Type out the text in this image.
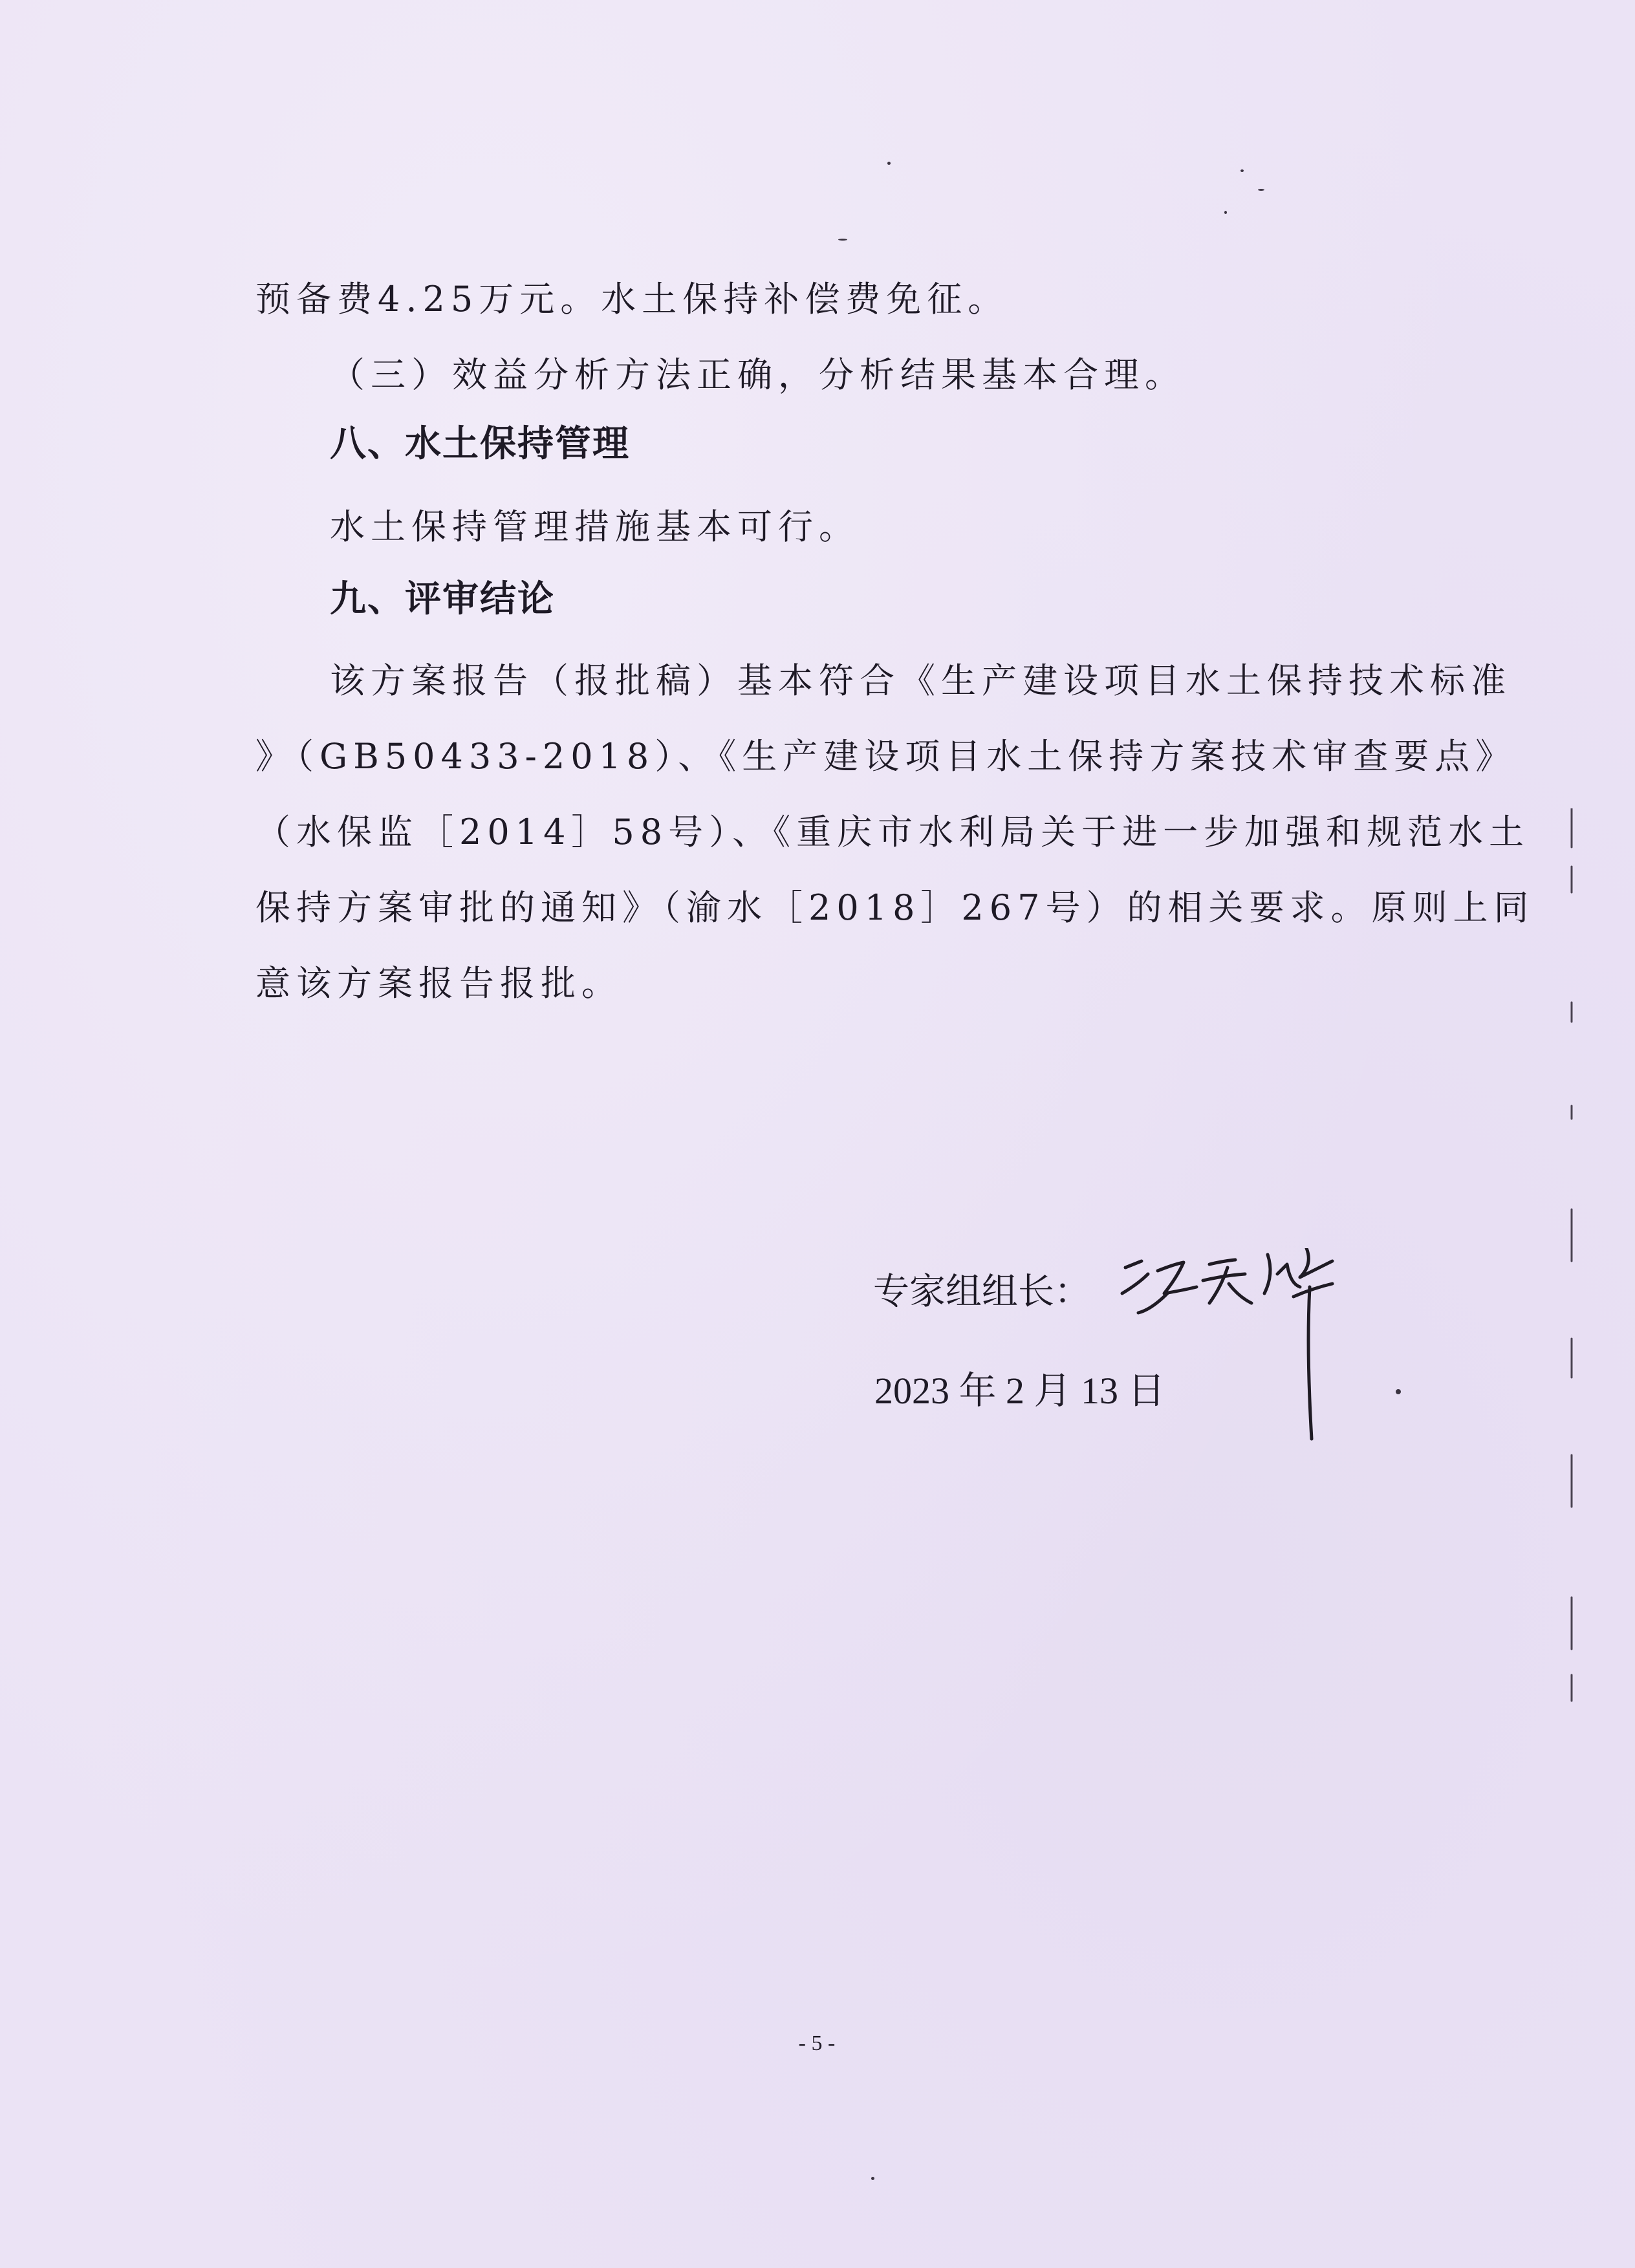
预备费4.25万元。水土保持补偿费免征。
（三）效益分析方法正确，分析结果基本合理。
八、水土保持管理
水土保持管理措施基本可行。
九、评审结论
该方案报告（报批稿）基本符合《生产建设项目水土保持技术标准
》（GB50433-2018）、《生产建设项目水土保持方案技术审查要点》
（水保监［2014］58号）、《重庆市水利局关于进一步加强和规范水土
保持方案审批的通知》（渝水［2018］267号）的相关要求。原则上同
意该方案报告报批。
专家组组长：
2023 年 2 月 13 日
- 5 -
